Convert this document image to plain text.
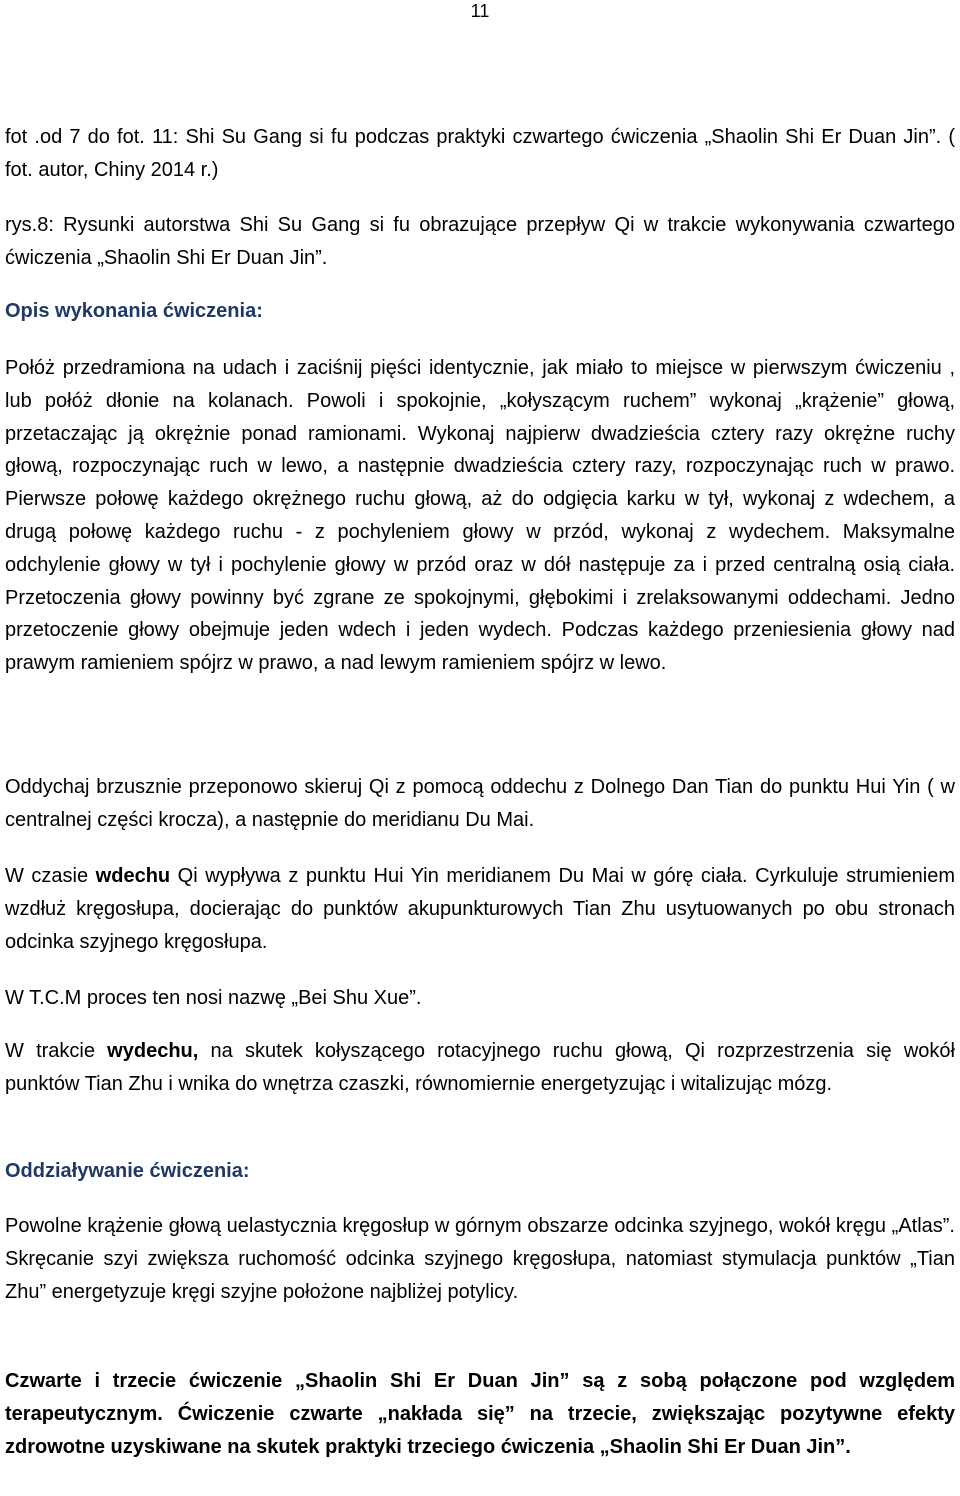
11

fot .od 7 do fot. 11: Shi Su Gang si fu podczas praktyki czwartego ćwiczenia „Shaolin Shi Er Duan Jin”. ( fot. autor, Chiny 2014 r.)

rys.8: Rysunki autorstwa Shi Su Gang si fu obrazujące przepływ Qi w trakcie wykonywania czwartego ćwiczenia „Shaolin Shi Er Duan Jin”.

Opis wykonania ćwiczenia:

Połóż przedramiona na udach i zaciśnij pięści identycznie, jak miało to miejsce w pierwszym ćwiczeniu , lub połóż dłonie na kolanach. Powoli i spokojnie, „kołyszącym ruchem” wykonaj „krążenie” głową, przetaczając ją okrężnie ponad ramionami. Wykonaj najpierw dwadzieścia cztery razy okrężne ruchy głową, rozpoczynając ruch w lewo, a następnie dwadzieścia cztery razy, rozpoczynając ruch w prawo. Pierwsze połowę każdego okrężnego ruchu głową, aż do odgięcia karku w tył, wykonaj z wdechem, a drugą połowę każdego ruchu - z pochyleniem głowy w przód, wykonaj z wydechem. Maksymalne odchylenie głowy w tył i pochylenie głowy w przód oraz w dół następuje za i przed centralną osią ciała. Przetoczenia głowy powinny być zgrane ze spokojnymi, głębokimi i zrelaksowanymi oddechami. Jedno przetoczenie głowy obejmuje jeden wdech i jeden wydech. Podczas każdego przeniesienia głowy nad prawym ramieniem spójrz w prawo, a nad lewym ramieniem spójrz w lewo.

Oddychaj brzusznie przeponowo skieruj Qi z pomocą oddechu z Dolnego Dan Tian do punktu Hui Yin ( w centralnej części krocza), a następnie do meridianu Du Mai.

W czasie wdechu Qi wypływa z punktu Hui Yin meridianem Du Mai w górę ciała. Cyrkuluje strumieniem wzdłuż kręgosłupa, docierając do punktów akupunkturowych Tian Zhu usytuowanych po obu stronach odcinka szyjnego kręgosłupa.

W T.C.M proces ten nosi nazwę „Bei Shu Xue”.

W trakcie wydechu, na skutek kołyszącego rotacyjnego ruchu głową, Qi rozprzestrzenia się wokół punktów Tian Zhu i wnika do wnętrza czaszki, równomiernie energetyzując i witalizując mózg.

Oddziaływanie ćwiczenia:

Powolne krążenie głową uelastycznia kręgosłup w górnym obszarze odcinka szyjnego, wokół kręgu „Atlas”. Skręcanie szyi zwiększa ruchomość odcinka szyjnego kręgosłupa, natomiast stymulacja punktów „Tian Zhu” energetyzuje kręgi szyjne położone najbliżej potylicy.

Czwarte i trzecie ćwiczenie „Shaolin Shi Er Duan Jin” są z sobą połączone pod względem terapeutycznym. Ćwiczenie czwarte „nakłada się” na trzecie, zwiększając pozytywne efekty zdrowotne uzyskiwane na skutek praktyki trzeciego ćwiczenia „Shaolin Shi Er Duan Jin”.
